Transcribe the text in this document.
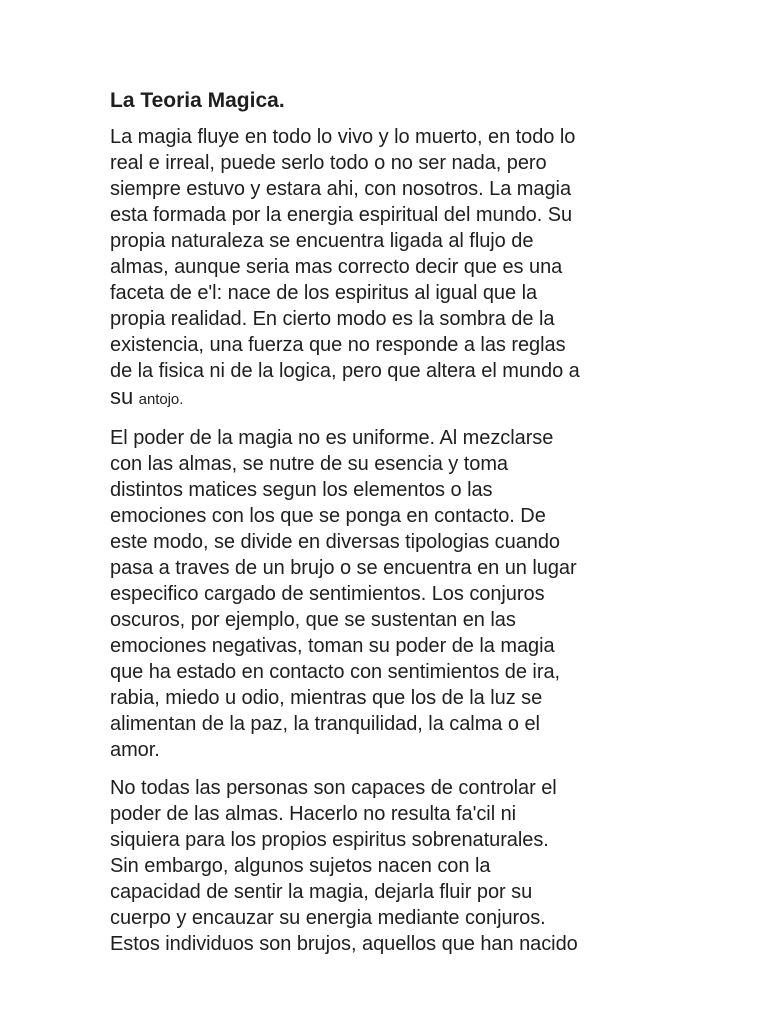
La Teoria Magica.
La magia fluye en todo lo vivo y lo muerto, en todo lo
real e irreal, puede serlo todo o no ser nada, pero
siempre estuvo y estara ahi, con nosotros. La magia
esta formada por la energia espiritual del mundo. Su
propia naturaleza se encuentra ligada al flujo de
almas, aunque seria mas correcto decir que es una
faceta de e'l: nace de los espiritus al igual que la
propia realidad. En cierto modo es la sombra de la
existencia, una fuerza que no responde a las reglas
de la fisica ni de la logica, pero que altera el mundo a
su antojo.
El poder de la magia no es uniforme. Al mezclarse
con las almas, se nutre de su esencia y toma
distintos matices segun los elementos o las
emociones con los que se ponga en contacto. De
este modo, se divide en diversas tipologias cuando
pasa a traves de un brujo o se encuentra en un lugar
especifico cargado de sentimientos. Los conjuros
oscuros, por ejemplo, que se sustentan en las
emociones negativas, toman su poder de la magia
que ha estado en contacto con sentimientos de ira,
rabia, miedo u odio, mientras que los de la luz se
alimentan de la paz, la tranquilidad, la calma o el
amor.
No todas las personas son capaces de controlar el
poder de las almas. Hacerlo no resulta fa'cil ni
siquiera para los propios espiritus sobrenaturales.
Sin embargo, algunos sujetos nacen con la
capacidad de sentir la magia, dejarla fluir por su
cuerpo y encauzar su energia mediante conjuros.
Estos individuos son brujos, aquellos que han nacido
